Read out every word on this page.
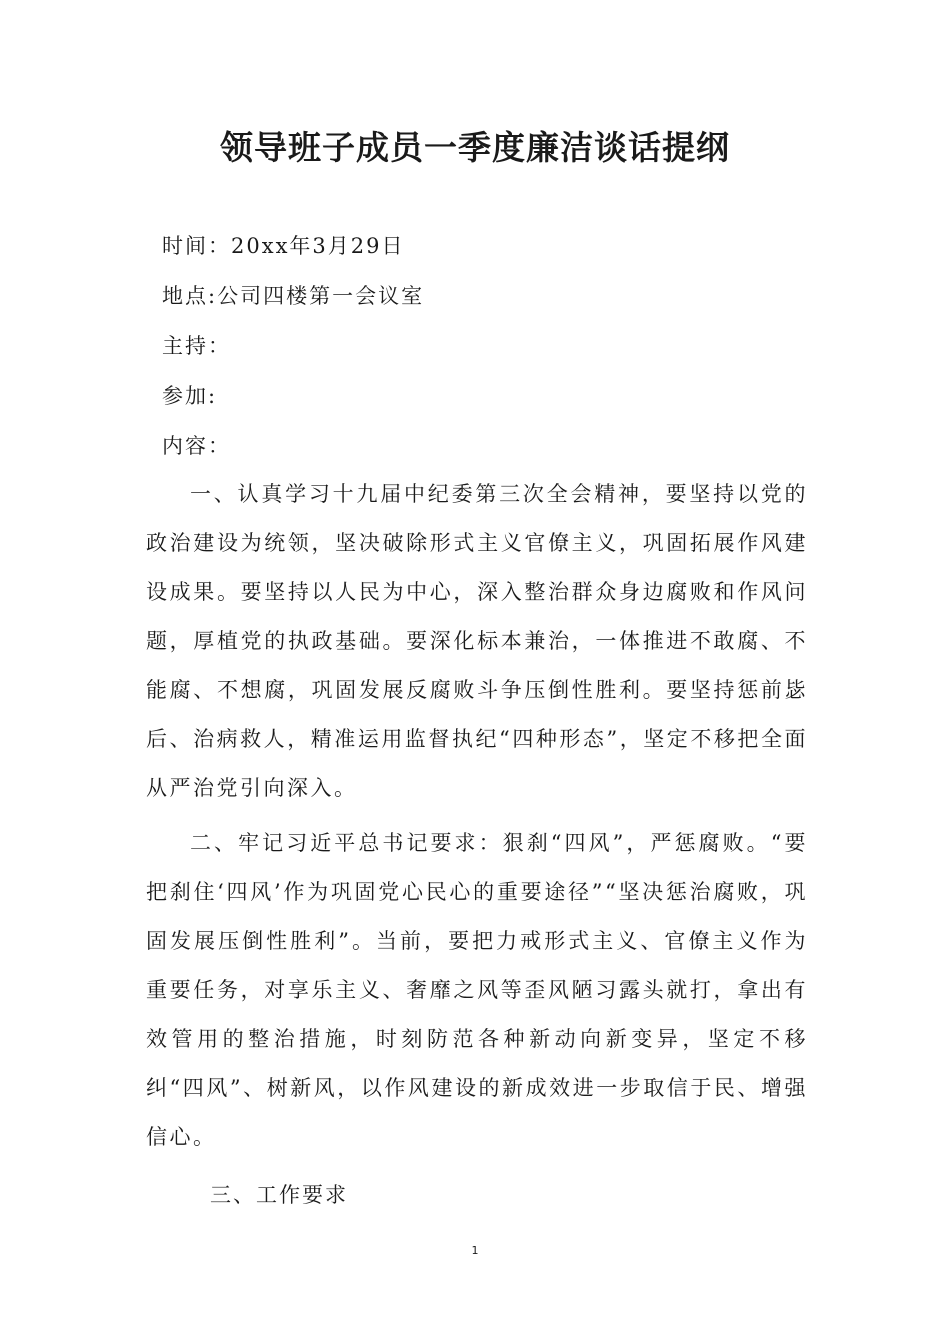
领导班子成员一季度廉洁谈话提纲
时间：20xx年3月29日
地点:公司四楼第一会议室
主持：
参加:
内容：

一、认真学习十九届中纪委第三次全会精神，要坚持以党的政治建设为统领，坚决破除形式主义官僚主义，巩固拓展作风建设成果。要坚持以人民为中心，深入整治群众身边腐败和作风问题，厚植党的执政基础。要深化标本兼治，一体推进不敢腐、不能腐、不想腐，巩固发展反腐败斗争压倒性胜利。要坚持惩前毖后、治病救人，精准运用监督执纪“四种形态”，坚定不移把全面从严治党引向深入。

二、牢记习近平总书记要求：狠刹“四风”，严惩腐败。“要把刹住‘四风’作为巩固党心民心的重要途径”“坚决惩治腐败，巩固发展压倒性胜利”。当前，要把力戒形式主义、官僚主义作为重要任务，对享乐主义、奢靡之风等歪风陋习露头就打，拿出有效管用的整治措施，时刻防范各种新动向新变异，坚定不移纠“四风”、树新风，以作风建设的新成效进一步取信于民、增强信心。

三、工作要求
1
